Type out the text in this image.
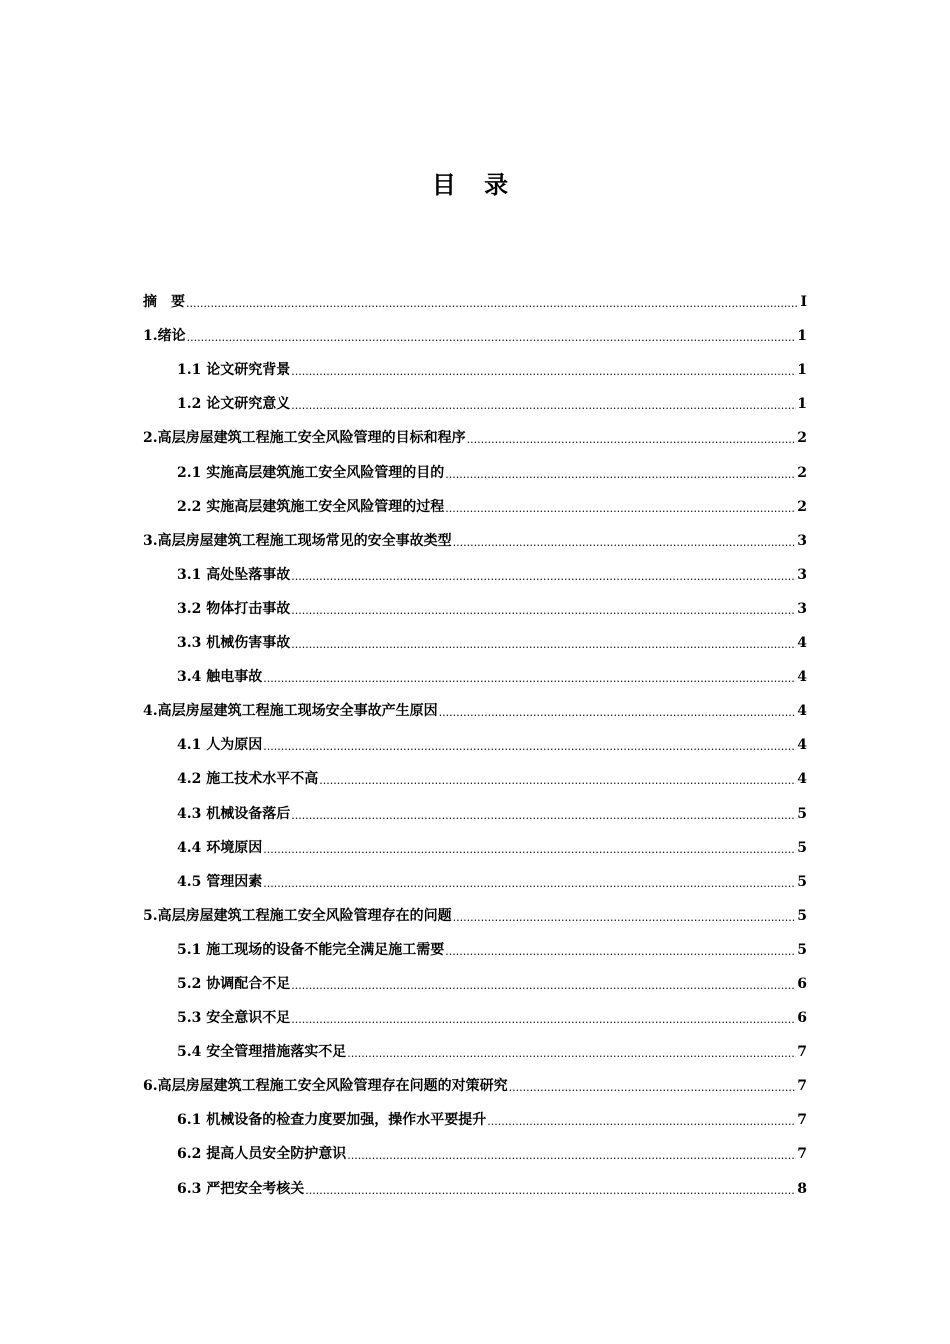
目 录
摘　要 .....	I
1.绪论 .....	1
1.1 论文研究背景 .....	1
1.2 论文研究意义 .....	1
2.高层房屋建筑工程施工安全风险管理的目标和程序 .....	2
2.1 实施高层建筑施工安全风险管理的目的 .....	2
2.2 实施高层建筑施工安全风险管理的过程 .....	2
3.高层房屋建筑工程施工现场常见的安全事故类型 .....	3
3.1 高处坠落事故 .....	3
3.2 物体打击事故 .....	3
3.3 机械伤害事故 .....	4
3.4 触电事故 .....	4
4.高层房屋建筑工程施工现场安全事故产生原因 .....	4
4.1 人为原因 .....	4
4.2 施工技术水平不高 .....	4
4.3 机械设备落后 .....	5
4.4 环境原因 .....	5
4.5 管理因素 .....	5
5.高层房屋建筑工程施工安全风险管理存在的问题 .....	5
5.1 施工现场的设备不能完全满足施工需要 .....	5
5.2 协调配合不足 .....	6
5.3 安全意识不足 .....	6
5.4 安全管理措施落实不足 .....	7
6.高层房屋建筑工程施工安全风险管理存在问题的对策研究 .....	7
6.1 机械设备的检查力度要加强，操作水平要提升 .....	7
6.2 提高人员安全防护意识 .....	7
6.3 严把安全考核关 .....	8
